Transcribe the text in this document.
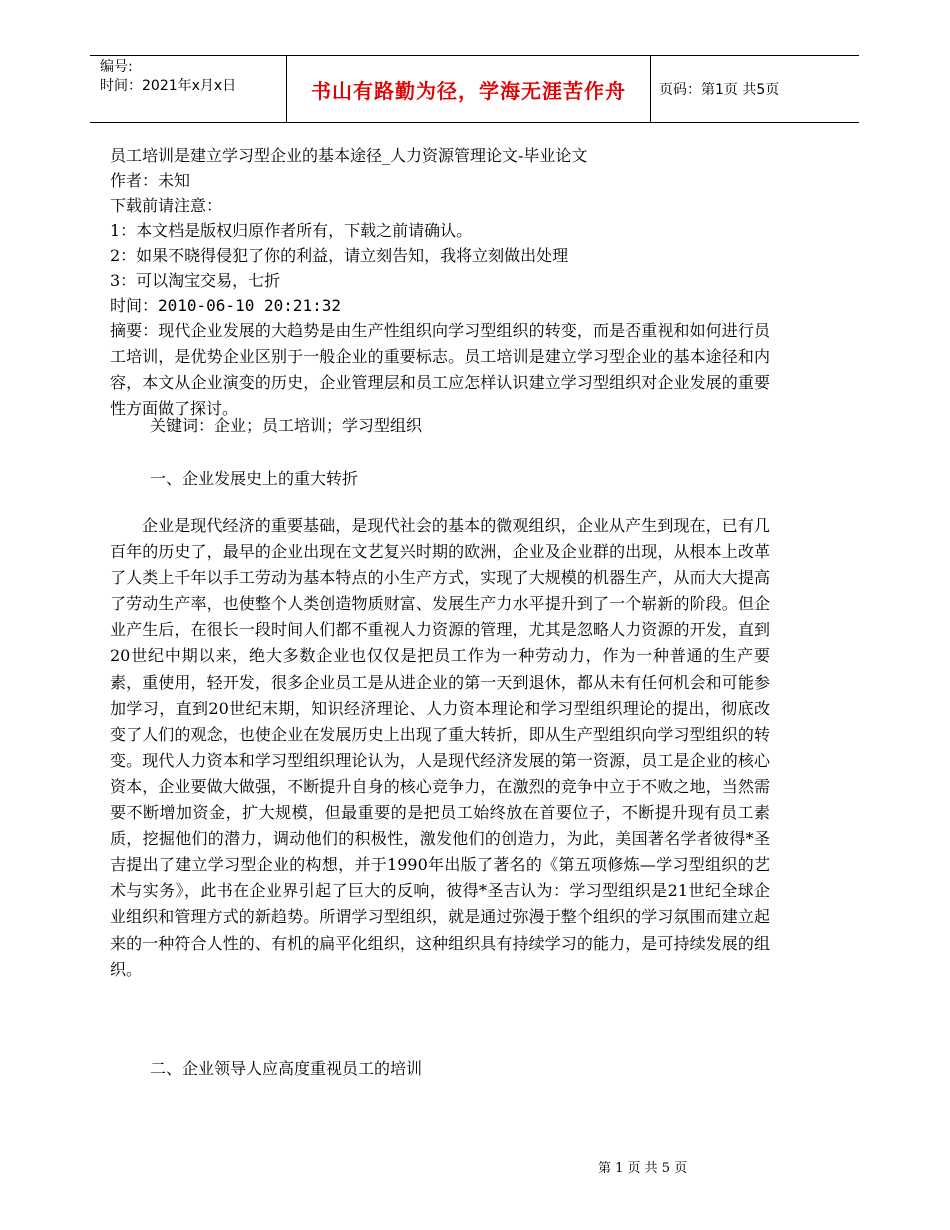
编号:
时间：2021年x月x日	书山有路勤为径，学海无涯苦作舟	页码：第1页 共5页
员工培训是建立学习型企业的基本途径_人力资源管理论文-毕业论文
作者：未知
下载前请注意：
1：本文档是版权归原作者所有，下载之前请确认。
2：如果不晓得侵犯了你的利益，请立刻告知，我将立刻做出处理
3：可以淘宝交易，七折
时间：2010-06-10 20:21:32

摘要：现代企业发展的大趋势是由生产性组织向学习型组织的转变，而是否重视和如何进行员工培训，是优势企业区别于一般企业的重要标志。员工培训是建立学习型企业的基本途径和内容，本文从企业演变的历史，企业管理层和员工应怎样认识建立学习型组织对企业发展的重要性方面做了探讨。

关键词：企业；员工培训；学习型组织
一、企业发展史上的重大转折

企业是现代经济的重要基础，是现代社会的基本的微观组织，企业从产生到现在，已有几百年的历史了，最早的企业出现在文艺复兴时期的欧洲，企业及企业群的出现，从根本上改革了人类上千年以手工劳动为基本特点的小生产方式，实现了大规模的机器生产，从而大大提高了劳动生产率，也使整个人类创造物质财富、发展生产力水平提升到了一个崭新的阶段。但企业产生后，在很长一段时间人们都不重视人力资源的管理，尤其是忽略人力资源的开发，直到20世纪中期以来，绝大多数企业也仅仅是把员工作为一种劳动力，作为一种普通的生产要素，重使用，轻开发，很多企业员工是从进企业的第一天到退休，都从未有任何机会和可能参加学习，直到20世纪末期，知识经济理论、人力资本理论和学习型组织理论的提出，彻底改变了人们的观念，也使企业在发展历史上出现了重大转折，即从生产型组织向学习型组织的转变。现代人力资本和学习型组织理论认为，人是现代经济发展的第一资源，员工是企业的核心资本，企业要做大做强，不断提升自身的核心竞争力，在激烈的竞争中立于不败之地，当然需要不断增加资金，扩大规模，但最重要的是把员工始终放在首要位子，不断提升现有员工素质，挖掘他们的潜力，调动他们的积极性，激发他们的创造力，为此，美国著名学者彼得*圣吉提出了建立学习型企业的构想，并于1990年出版了著名的《第五项修炼—学习型组织的艺术与实务》，此书在企业界引起了巨大的反响，彼得*圣吉认为：学习型组织是21世纪全球企业组织和管理方式的新趋势。所谓学习型组织，就是通过弥漫于整个组织的学习氛围而建立起来的一种符合人性的、有机的扁平化组织，这种组织具有持续学习的能力，是可持续发展的组织。

二、企业领导人应高度重视员工的培训
第 1 页 共 5 页
